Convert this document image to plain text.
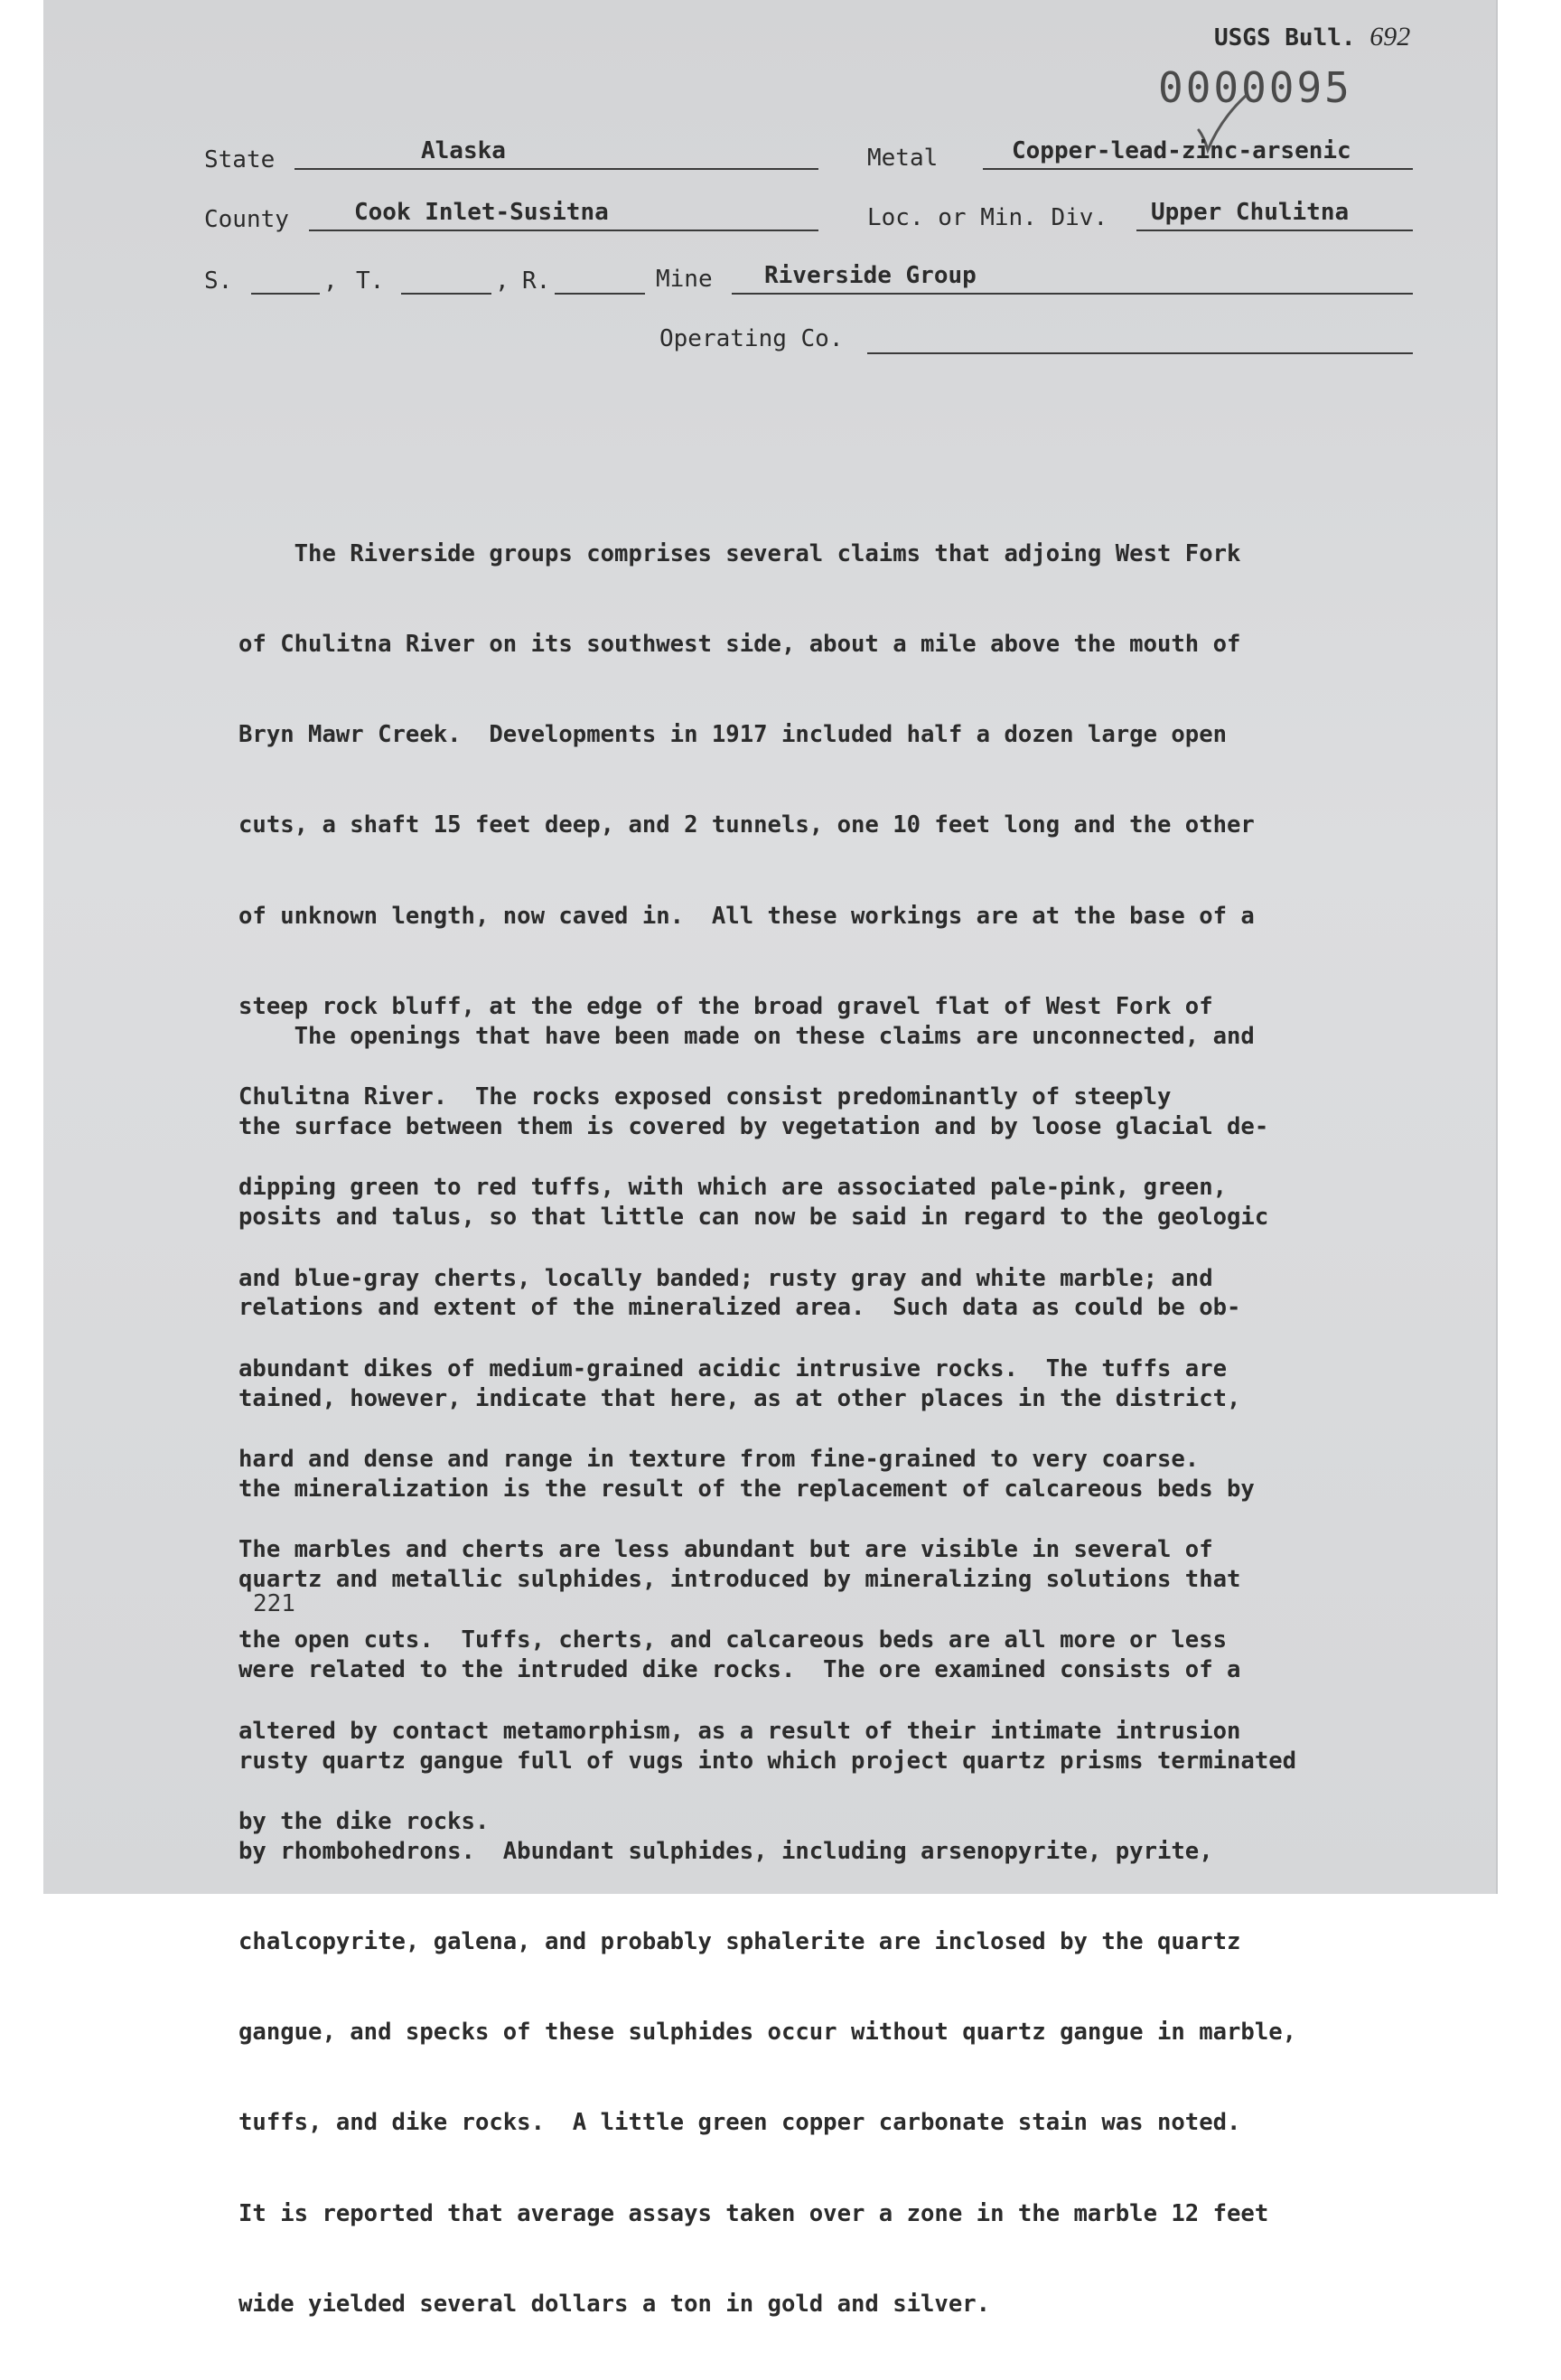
USGS Bull. 692
0000095
State	Alaska	Metal	Copper-lead-zinc-arsenic
County	Cook Inlet-Susitna	Loc. or Min. Div.	Upper Chulitna
S.	, T.	, R.	Mine	Riverside Group
Operating Co.

The Riverside groups comprises several claims that adjoing West Fork

of Chulitna River on its southwest side, about a mile above the mouth of

Bryn Mawr Creek.  Developments in 1917 included half a dozen large open

cuts, a shaft 15 feet deep, and 2 tunnels, one 10 feet long and the other

of unknown length, now caved in.  All these workings are at the base of a

steep rock bluff, at the edge of the broad gravel flat of West Fork of

Chulitna River.  The rocks exposed consist predominantly of steeply

dipping green to red tuffs, with which are associated pale-pink, green,

and blue-gray cherts, locally banded; rusty gray and white marble; and

abundant dikes of medium-grained acidic intrusive rocks.  The tuffs are

hard and dense and range in texture from fine-grained to very coarse.

The marbles and cherts are less abundant but are visible in several of

the open cuts.  Tuffs, cherts, and calcareous beds are all more or less

altered by contact metamorphism, as a result of their intimate intrusion

by the dike rocks.

The openings that have been made on these claims are unconnected, and

the surface between them is covered by vegetation and by loose glacial de-

posits and talus, so that little can now be said in regard to the geologic

relations and extent of the mineralized area.  Such data as could be ob-

tained, however, indicate that here, as at other places in the district,

the mineralization is the result of the replacement of calcareous beds by

quartz and metallic sulphides, introduced by mineralizing solutions that

were related to the intruded dike rocks.  The ore examined consists of a

rusty quartz gangue full of vugs into which project quartz prisms terminated

by rhombohedrons.  Abundant sulphides, including arsenopyrite, pyrite,

chalcopyrite, galena, and probably sphalerite are inclosed by the quartz

gangue, and specks of these sulphides occur without quartz gangue in marble,

tuffs, and dike rocks.  A little green copper carbonate stain was noted.

It is reported that average assays taken over a zone in the marble 12 feet

wide yielded several dollars a ton in gold and silver.

221
